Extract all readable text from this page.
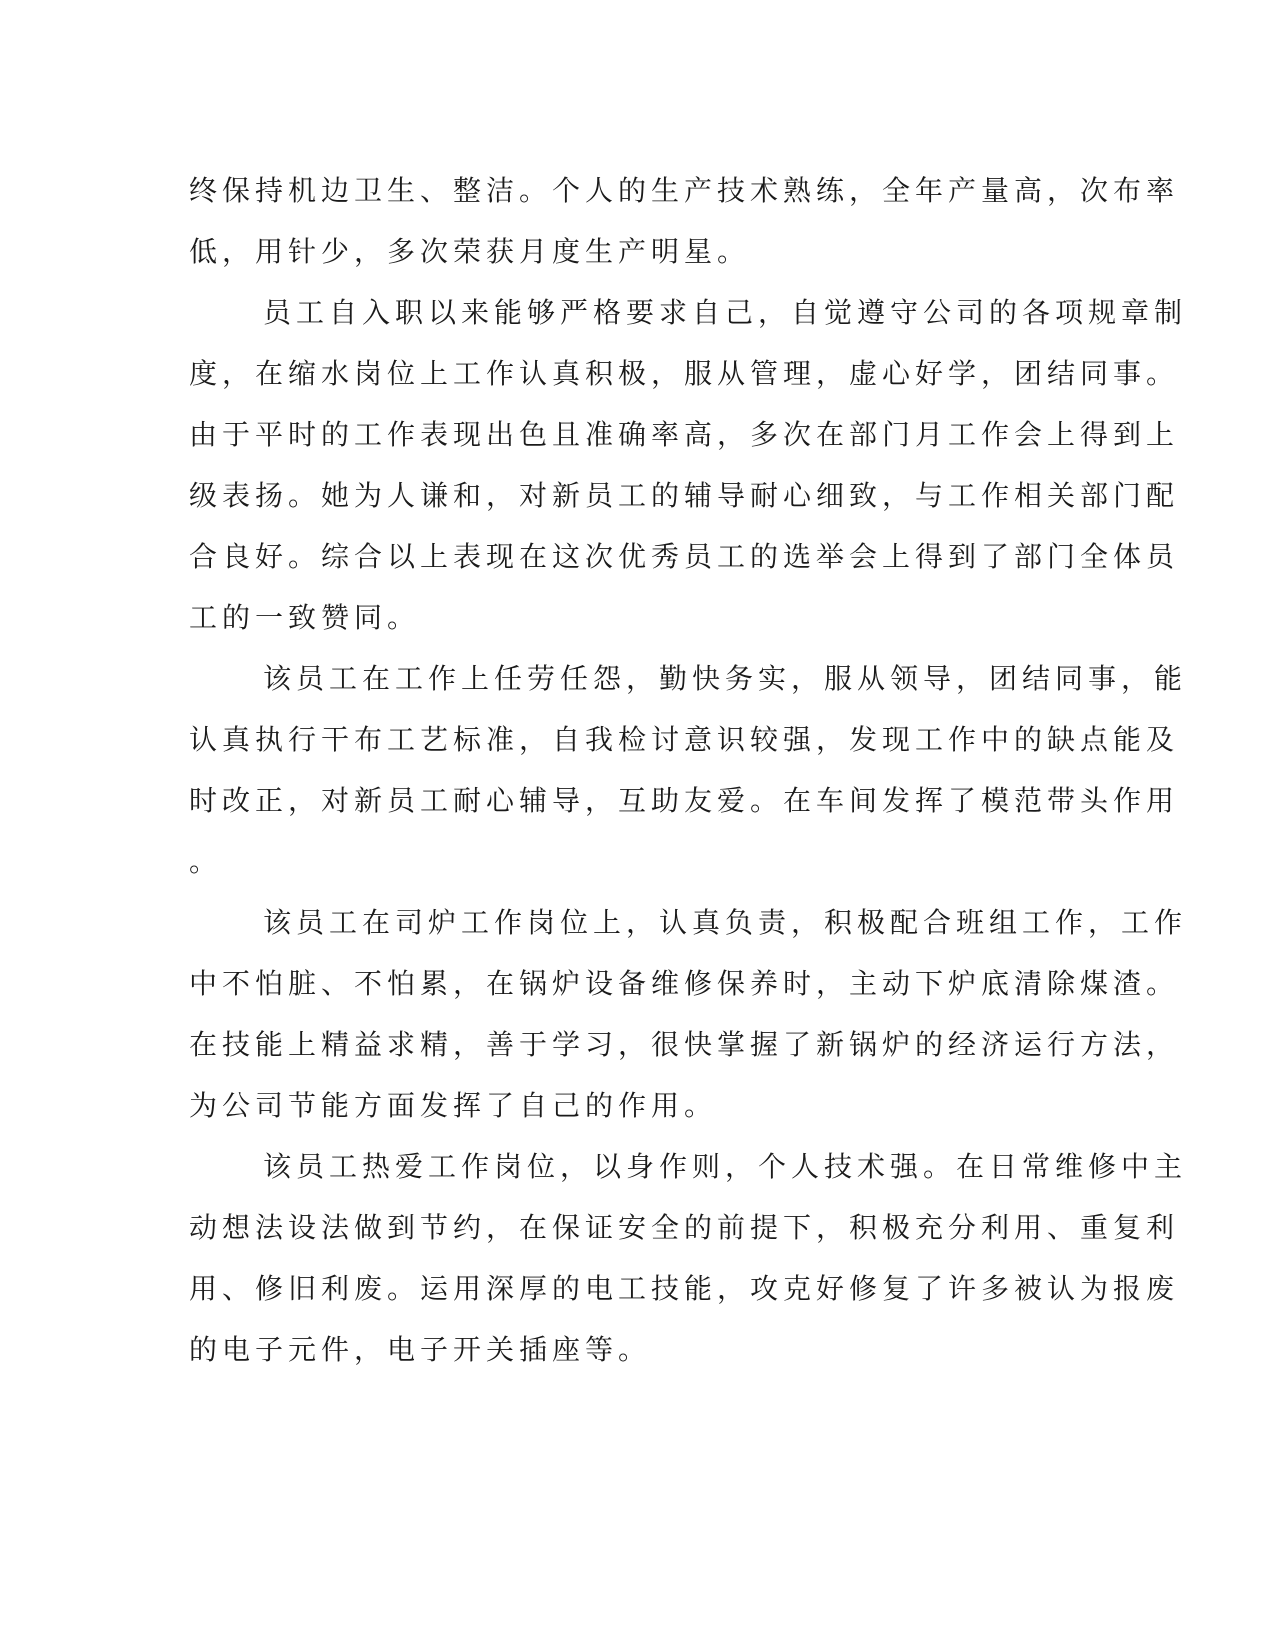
终保持机边卫生、整洁。个人的生产技术熟练，全年产量高，次布率

低，用针少，多次荣获月度生产明星。

员工自入职以来能够严格要求自己，自觉遵守公司的各项规章制

度，在缩水岗位上工作认真积极，服从管理，虚心好学，团结同事。

由于平时的工作表现出色且准确率高，多次在部门月工作会上得到上

级表扬。她为人谦和，对新员工的辅导耐心细致，与工作相关部门配

合良好。综合以上表现在这次优秀员工的选举会上得到了部门全体员

工的一致赞同。

该员工在工作上任劳任怨，勤快务实，服从领导，团结同事，能

认真执行干布工艺标准，自我检讨意识较强，发现工作中的缺点能及

时改正，对新员工耐心辅导，互助友爱。在车间发挥了模范带头作用

。

该员工在司炉工作岗位上，认真负责，积极配合班组工作，工作

中不怕脏、不怕累，在锅炉设备维修保养时，主动下炉底清除煤渣。

在技能上精益求精，善于学习，很快掌握了新锅炉的经济运行方法，

为公司节能方面发挥了自己的作用。

该员工热爱工作岗位，以身作则，个人技术强。在日常维修中主

动想法设法做到节约，在保证安全的前提下，积极充分利用、重复利

用、修旧利废。运用深厚的电工技能，攻克好修复了许多被认为报废

的电子元件，电子开关插座等。
